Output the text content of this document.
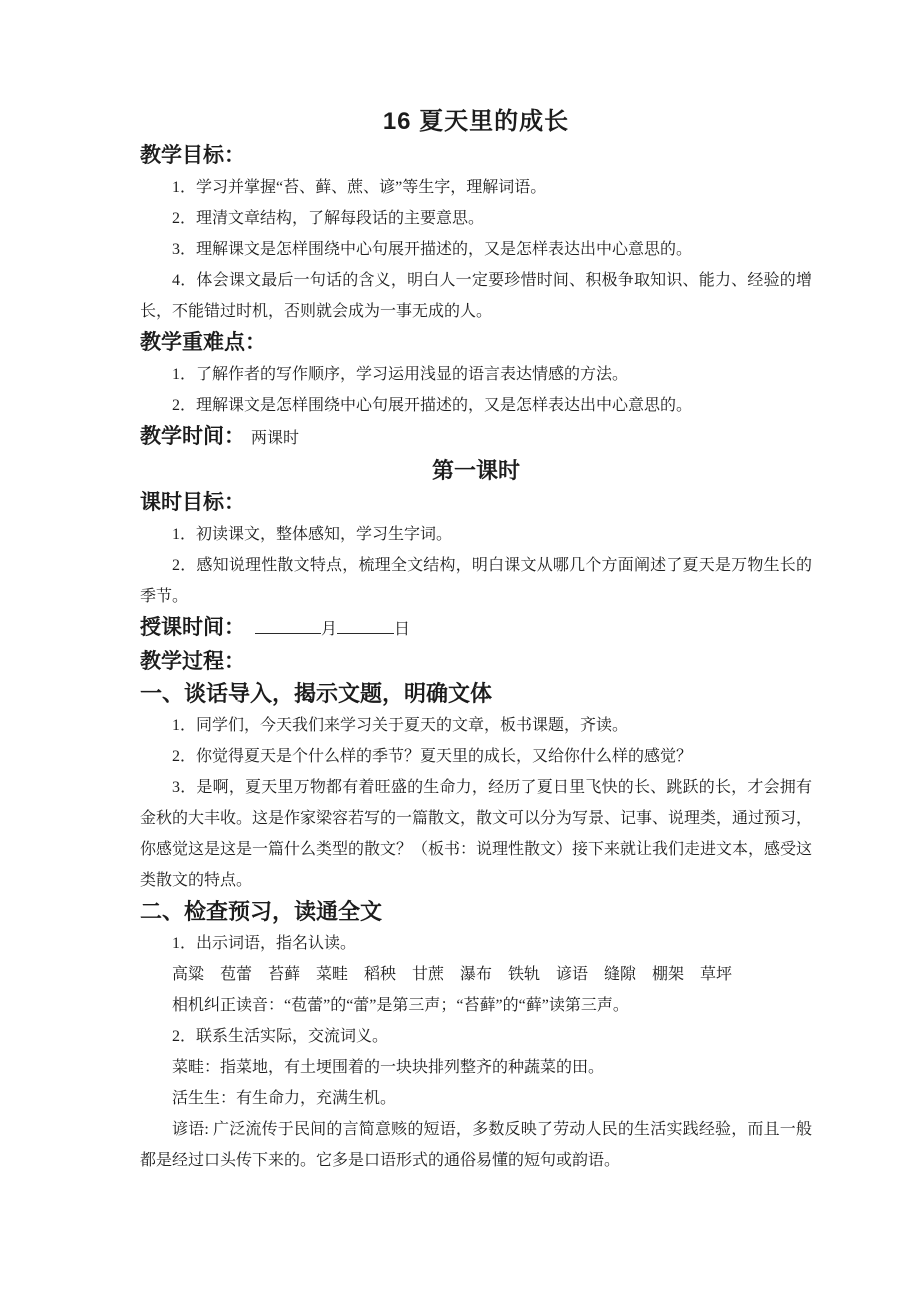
16 夏天里的成长
教学目标：

1．学习并掌握“苔、藓、蔗、谚”等生字，理解词语。

2．理清文章结构，了解每段话的主要意思。

3．理解课文是怎样围绕中心句展开描述的，又是怎样表达出中心意思的。

4．体会课文最后一句话的含义，明白人一定要珍惜时间、积极争取知识、能力、经验的增长，不能错过时机，否则就会成为一事无成的人。

教学重难点：

1．了解作者的写作顺序，学习运用浅显的语言表达情感的方法。

2．理解课文是怎样围绕中心句展开描述的，又是怎样表达出中心意思的。

教学时间： 两课时
第一课时
课时目标：

1．初读课文，整体感知，学习生字词。

2．感知说理性散文特点，梳理全文结构，明白课文从哪几个方面阐述了夏天是万物生长的季节。

授课时间：	月	日
教学过程：
一、谈话导入，揭示文题，明确文体

1．同学们，今天我们来学习关于夏天的文章，板书课题，齐读。

2．你觉得夏天是个什么样的季节？夏天里的成长，又给你什么样的感觉？

3．是啊，夏天里万物都有着旺盛的生命力，经历了夏日里飞快的长、跳跃的长，才会拥有金秋的大丰收。这是作家梁容若写的一篇散文，散文可以分为写景、记事、说理类，通过预习，你感觉这是这是一篇什么类型的散文？（板书：说理性散文）接下来就让我们走进文本，感受这类散文的特点。

二、检查预习，读通全文

1．出示词语，指名认读。

高粱　苞蕾　苔藓　菜畦　稻秧　甘蔗　瀑布　铁轨　谚语　缝隙　棚架　草坪

相机纠正读音：“苞蕾”的“蕾”是第三声；“苔藓”的“藓”读第三声。

2．联系生活实际，交流词义。

菜畦：指菜地，有土埂围着的一块块排列整齐的种蔬菜的田。

活生生：有生命力，充满生机。

谚语: 广泛流传于民间的言简意赅的短语，多数反映了劳动人民的生活实践经验，而且一般都是经过口头传下来的。它多是口语形式的通俗易懂的短句或韵语。
